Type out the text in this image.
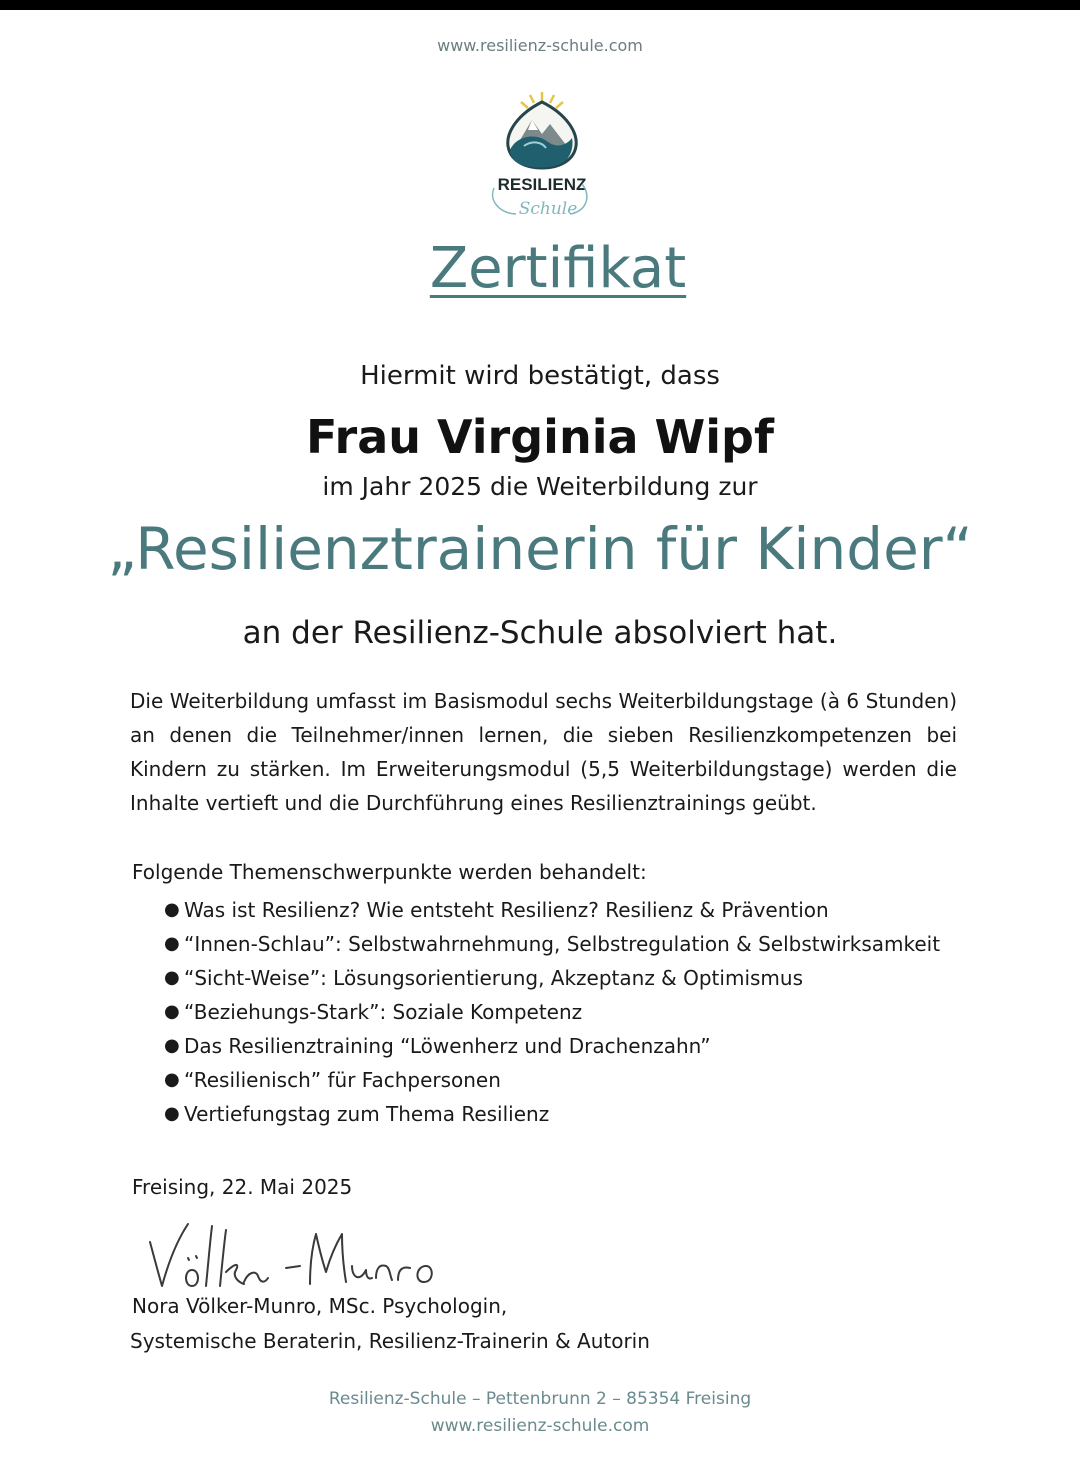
www.resilienz-schule.com
RESILIENZ
Schule
Zertifikat
Hiermit wird bestätigt, dass
Frau Virginia Wipf
im Jahr 2025 die Weiterbildung zur
„Resilienztrainerin für Kinder“
an der Resilienz-Schule absolviert hat.
Die Weiterbildung umfasst im Basismodul sechs Weiterbildungstage (à 6 Stunden) an denen die Teilnehmer/innen lernen, die sieben Resilienzkompetenzen bei Kindern zu stärken. Im Erweiterungsmodul (5,5 Weiterbildungstage) werden die Inhalte vertieft und die Durchführung eines Resilienztrainings geübt.
Folgende Themenschwerpunkte werden behandelt:
● Was ist Resilienz? Wie entsteht Resilienz? Resilienz & Prävention
● “Innen-Schlau”: Selbstwahrnehmung, Selbstregulation & Selbstwirksamkeit
● “Sicht-Weise”: Lösungsorientierung, Akzeptanz & Optimismus
● “Beziehungs-Stark”: Soziale Kompetenz
● Das Resilienztraining “Löwenherz und Drachenzahn”
● “Resilienisch” für Fachpersonen
● Vertiefungstag zum Thema Resilienz
Freising, 22. Mai 2025
Nora Völker-Munro, MSc. Psychologin,
Systemische Beraterin, Resilienz-Trainerin & Autorin
Resilienz-Schule – Pettenbrunn 2 – 85354 Freising
www.resilienz-schule.com
